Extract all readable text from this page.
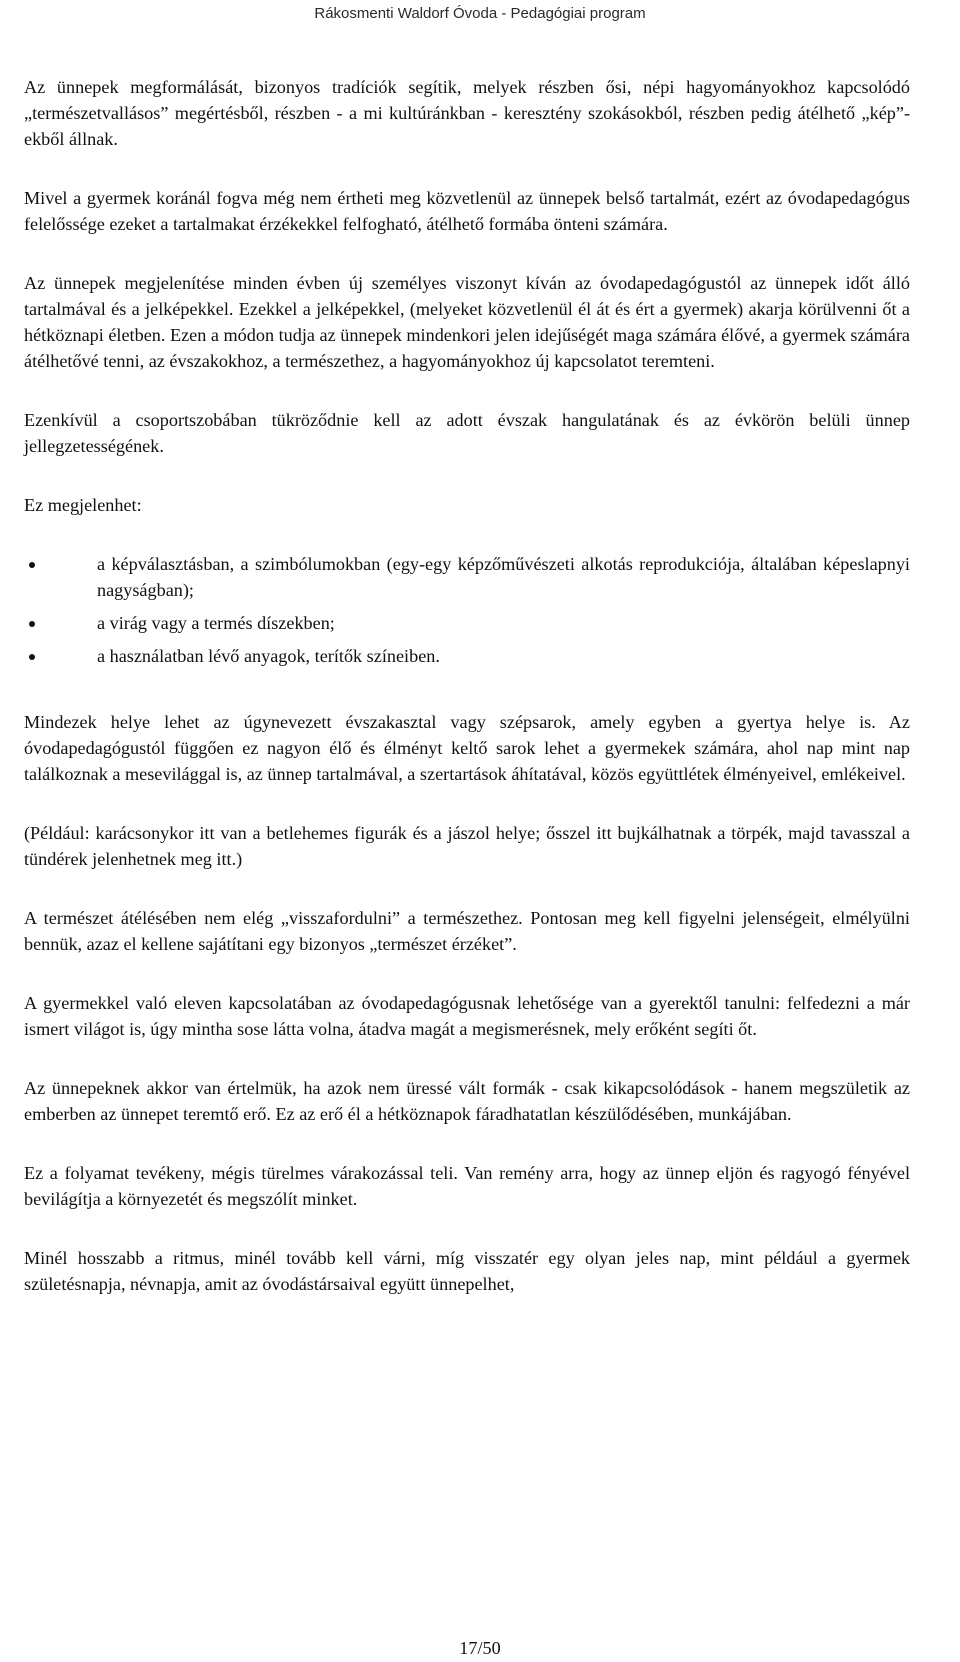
Rákosmenti Waldorf Óvoda - Pedagógiai program

Az ünnepek megformálását, bizonyos tradíciók segítik, melyek részben ősi, népi hagyományokhoz kapcsolódó „természetvallásos” megértésből, részben - a mi kultúránkban - keresztény szokásokból, részben pedig átélhető „kép”-ekből állnak.

Mivel a gyermek koránál fogva még nem értheti meg közvetlenül az ünnepek belső tartalmát, ezért az óvodapedagógus felelőssége ezeket a tartalmakat érzékekkel felfogható, átélhető formába önteni számára.

Az ünnepek megjelenítése minden évben új személyes viszonyt kíván az óvodapedagógustól az ünnepek időt álló tartalmával és a jelképekkel. Ezekkel a jelképekkel, (melyeket közvetlenül él át és ért a gyermek) akarja körülvenni őt a hétköznapi életben. Ezen a módon tudja az ünnepek mindenkori jelen idejűségét maga számára élővé, a gyermek számára átélhetővé tenni, az évszakokhoz, a természethez, a hagyományokhoz új kapcsolatot teremteni.

Ezenkívül a csoportszobában tükröződnie kell az adott évszak hangulatának és az évkörön belüli ünnep jellegzetességének.

Ez megjelenhet:

a képválasztásban, a szimbólumokban (egy-egy képzőművészeti alkotás reprodukciója, általában képeslapnyi nagyságban);
a virág vagy a termés díszekben;
a használatban lévő anyagok, terítők színeiben.

Mindezek helye lehet az úgynevezett évszakasztal vagy szépsarok, amely egyben a gyertya helye is. Az óvodapedagógustól függően ez nagyon élő és élményt keltő sarok lehet a gyermekek számára, ahol nap mint nap találkoznak a mesevilággal is, az ünnep tartalmával, a szertartások áhítatával, közös együttlétek élményeivel, emlékeivel.

(Például: karácsonykor itt van a betlehemes figurák és a jászol helye; ősszel itt bujkálhatnak a törpék, majd tavasszal a tündérek jelenhetnek meg itt.)

A természet átélésében nem elég „visszafordulni” a természethez. Pontosan meg kell figyelni jelenségeit, elmélyülni bennük, azaz el kellene sajátítani egy bizonyos „természet érzéket”.

A gyermekkel való eleven kapcsolatában az óvodapedagógusnak lehetősége van a gyerektől tanulni: felfedezni a már ismert világot is, úgy mintha sose látta volna, átadva magát a megismerésnek, mely erőként segíti őt.

Az ünnepeknek akkor van értelmük, ha azok nem üressé vált formák - csak kikapcsolódások - hanem megszületik az emberben az ünnepet teremtő erő. Ez az erő él a hétköznapok fáradhatatlan készülődésében, munkájában.

Ez a folyamat tevékeny, mégis türelmes várakozással teli. Van remény arra, hogy az ünnep eljön és ragyogó fényével bevilágítja a környezetét és megszólít minket.

Minél hosszabb a ritmus, minél tovább kell várni, míg visszatér egy olyan jeles nap, mint például a gyermek születésnapja, névnapja, amit az óvodástársaival együtt ünnepelhet,

17/50
